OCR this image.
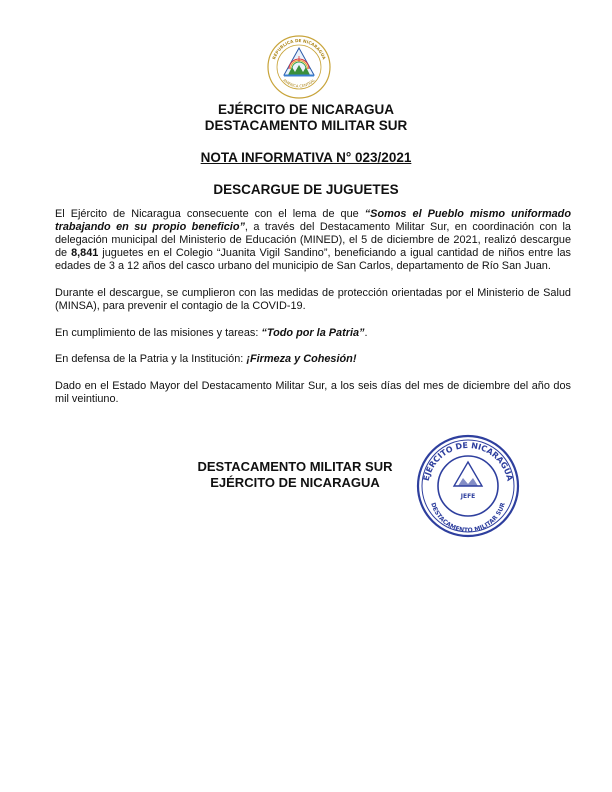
REPUBLICA DE NICARAGUA
AMERICA CENTRAL
EJÉRCITO DE NICARAGUA
DESTACAMENTO MILITAR SUR
NOTA INFORMATIVA N° 023/2021
DESCARGUE DE JUGUETES

El Ejército de Nicaragua consecuente con el lema de que “Somos el Pueblo mismo uniformado trabajando en su propio beneficio”, a través del Destacamento Militar Sur, en coordinación con la delegación municipal del Ministerio de Educación (MINED), el 5 de diciembre de 2021, realizó descargue de 8,841 juguetes en el Colegio “Juanita Vigil Sandino”, beneficiando a igual cantidad de niños entre las edades de 3 a 12 años del casco urbano del municipio de San Carlos, departamento de Río San Juan.

Durante el descargue, se cumplieron con las medidas de protección orientadas por el Ministerio de Salud (MINSA), para prevenir el contagio de la COVID-19.

En cumplimiento de las misiones y tareas: “Todo por la Patria”.

En defensa de la Patria y la Institución: ¡Firmeza y Cohesión!

Dado en el Estado Mayor del Destacamento Militar Sur, a los seis días del mes de diciembre del año dos mil veintiuno.

DESTACAMENTO MILITAR SUR
EJÉRCITO DE NICARAGUA	EJÉRCITO DE NICARAGUA
DESTACAMENTO MILITAR SUR
JEFE
